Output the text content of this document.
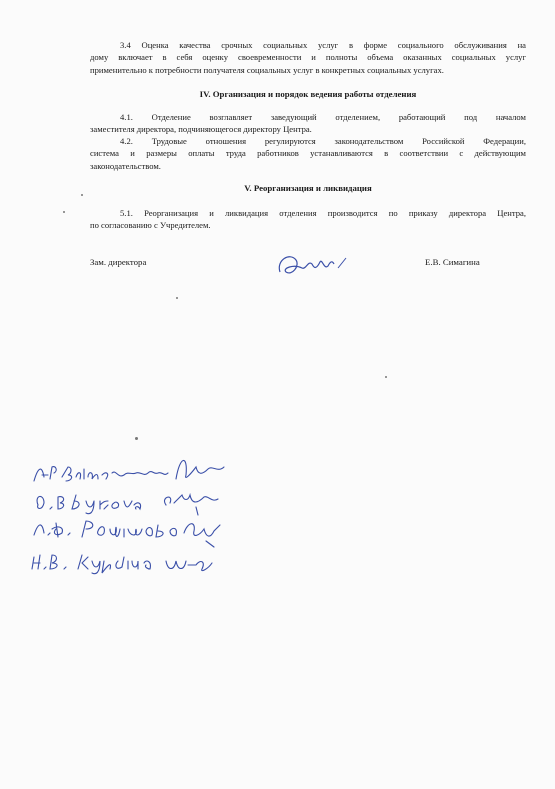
3.4 Оценка качества срочных социальных услуг в форме социального обслуживания на
дому включает в себя оценку своевременности и полноты объема оказанных социальных услуг
применительно к потребности получателя социальных услуг в конкретных социальных услугах.
IV. Организация и порядок ведения работы отделения
4.1. Отделение возглавляет заведующий отделением, работающий под началом
заместителя директора, подчиняющегося директору Центра.
4.2. Трудовые отношения регулируются законодательством Российской Федерации,
система и размеры оплаты труда работников устанавливаются в соответствии с действующим
законодательством.
V. Реорганизация и ликвидация
5.1. Реорганизация и ликвидация отделения производится по приказу директора Центра,
по согласованию с Учредителем.
Зам. директора	Е.В. Симагина
